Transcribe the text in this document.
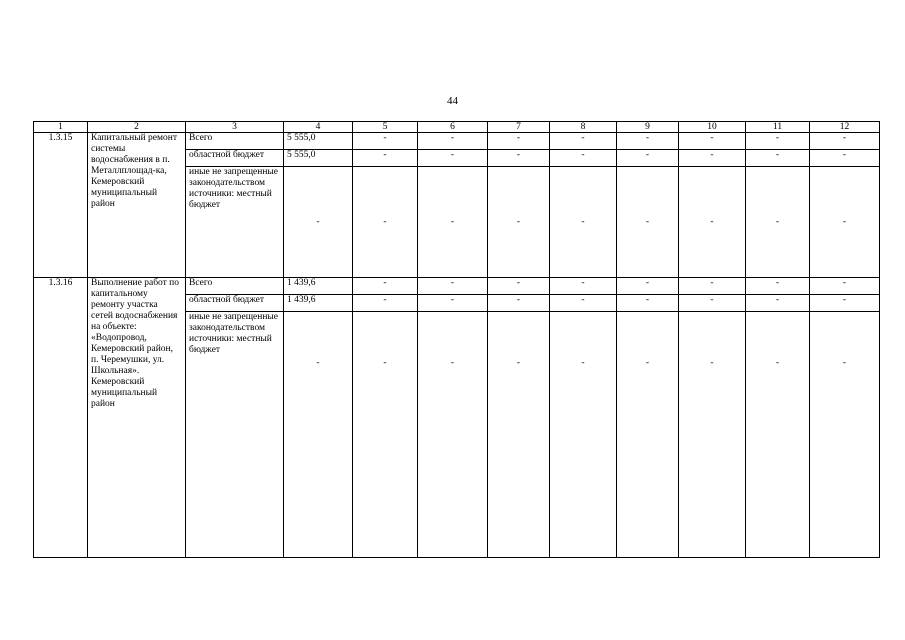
44
1	2	3	4	5	6	7	8	9	10	11	12
1.3.15	Капитальный ремонт системы водоснабжения в п. Металлплощад-ка, Кемеровский муниципальный район	Всего	5 555,0	-	-	-	-	-	-	-	-
		областной бюджет	5 555,0	-	-	-	-	-	-	-	-
		иные не запрещенные законодательством источники: местный бюджет	-	-	-	-	-	-	-	-	-
1.3.16	Выполнение работ по капитальному ремонту участка сетей водоснабжения на объекте: «Водопровод, Кемеровский район, п. Черемушки, ул. Школьная». Кемеровский муниципальный район	Всего	1 439,6	-	-	-	-	-	-	-	-
		областной бюджет	1 439,6	-	-	-	-	-	-	-	-
		иные не запрещенные законодательством источники: местный бюджет	-	-	-	-	-	-	-	-	-
